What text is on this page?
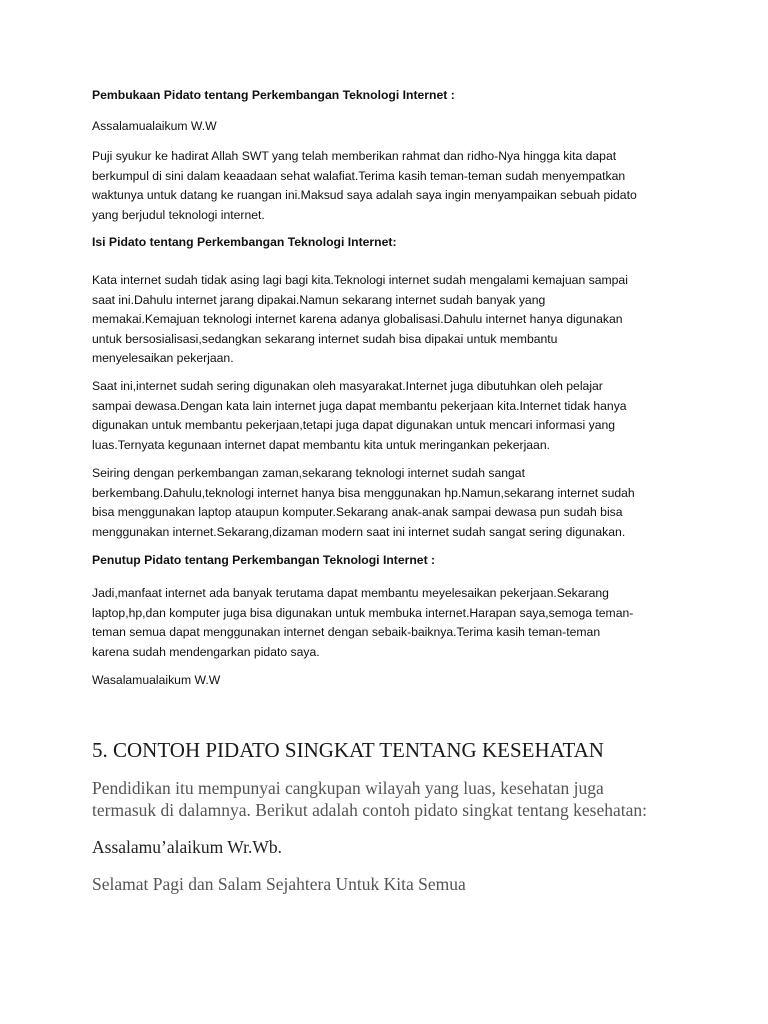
Pembukaan Pidato tentang Perkembangan Teknologi Internet :

Assalamualaikum W.W

Puji syukur ke hadirat Allah SWT yang telah memberikan rahmat dan ridho-Nya hingga kita dapat
berkumpul di sini dalam keaadaan sehat walafiat.Terima kasih teman-teman sudah menyempatkan
waktunya untuk datang ke ruangan ini.Maksud saya adalah saya ingin menyampaikan sebuah pidato
yang berjudul teknologi internet.

Isi Pidato tentang Perkembangan Teknologi Internet:

Kata internet sudah tidak asing lagi bagi kita.Teknologi internet sudah mengalami kemajuan sampai
saat ini.Dahulu internet jarang dipakai.Namun sekarang internet sudah banyak yang
memakai.Kemajuan teknologi internet karena adanya globalisasi.Dahulu internet hanya digunakan
untuk bersosialisasi,sedangkan sekarang internet sudah bisa dipakai untuk membantu
menyelesaikan pekerjaan.

Saat ini,internet sudah sering digunakan oleh masyarakat.Internet juga dibutuhkan oleh pelajar
sampai dewasa.Dengan kata lain internet juga dapat membantu pekerjaan kita.Internet tidak hanya
digunakan untuk membantu pekerjaan,tetapi juga dapat digunakan untuk mencari informasi yang
luas.Ternyata kegunaan internet dapat membantu kita untuk meringankan pekerjaan.

Seiring dengan perkembangan zaman,sekarang teknologi internet sudah sangat
berkembang.Dahulu,teknologi internet hanya bisa menggunakan hp.Namun,sekarang internet sudah
bisa menggunakan laptop ataupun komputer.Sekarang anak-anak sampai dewasa pun sudah bisa
menggunakan internet.Sekarang,dizaman modern saat ini internet sudah sangat sering digunakan.

Penutup Pidato tentang Perkembangan Teknologi Internet :

Jadi,manfaat internet ada banyak terutama dapat membantu meyelesaikan pekerjaan.Sekarang
laptop,hp,dan komputer juga bisa digunakan untuk membuka internet.Harapan saya,semoga teman-
teman semua dapat menggunakan internet dengan sebaik-baiknya.Terima kasih teman-teman
karena sudah mendengarkan pidato saya.

Wasalamualaikum W.W

5. CONTOH PIDATO SINGKAT TENTANG KESEHATAN

Pendidikan itu mempunyai cangkupan wilayah yang luas, kesehatan juga
termasuk di dalamnya. Berikut adalah contoh pidato singkat tentang kesehatan:

Assalamu’alaikum Wr.Wb.

Selamat Pagi dan Salam Sejahtera Untuk Kita Semua
